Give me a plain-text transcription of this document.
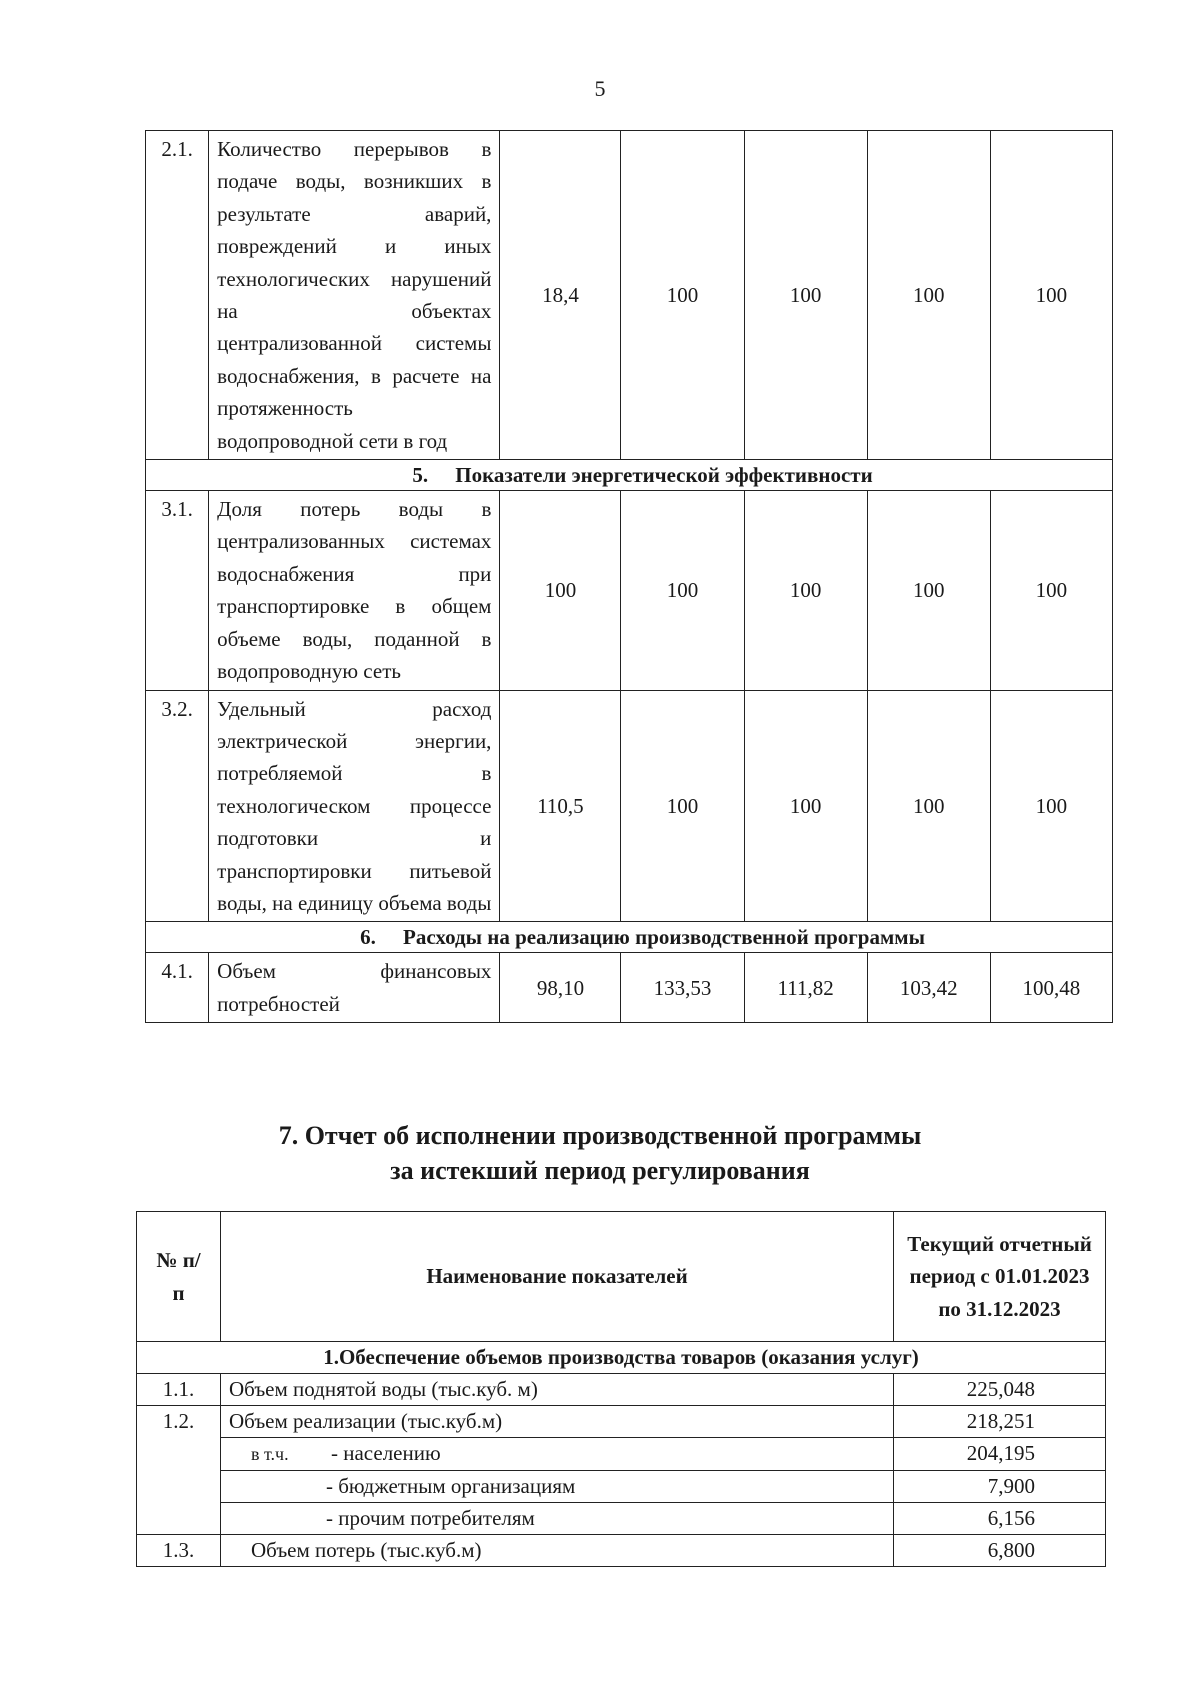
5
2.1.	Количество перерывов в подаче воды, возникших в результате аварий, повреждений и иных технологических нарушений на объектах централизованной системы водоснабжения, в расчете на протяженность водопроводной сети в год	18,4	100	100	100	100
5. Показатели энергетической эффективности						
3.1.	Доля потерь воды в централизованных системах водоснабжения при транспортировке в общем объеме воды, поданной в водопроводную сеть	100	100	100	100	100
3.2.	Удельный расход электрической энергии, потребляемой в технологическом процессе подготовки и транспортировки питьевой воды, на единицу объема воды	110,5	100	100	100	100
6. Расходы на реализацию производственной программы						
4.1.	Объем финансовых потребностей	98,10	133,53	111,82	103,42	100,48
7. Отчет об исполнении производственной программы
за истекший период регулирования
№ п/п	Наименование показателей	Текущий отчетный период с 01.01.2023 по 31.12.2023
1.Обеспечение объемов производства товаров (оказания услуг)		
1.1.	Объем поднятой воды (тыс.куб. м)	225,048
1.2.	Объем реализации (тыс.куб.м)	218,251
	в т.ч. - населению	204,195
	- бюджетным организациям	7,900
	- прочим потребителям	6,156
1.3.	Объем потерь (тыс.куб.м)	6,800
